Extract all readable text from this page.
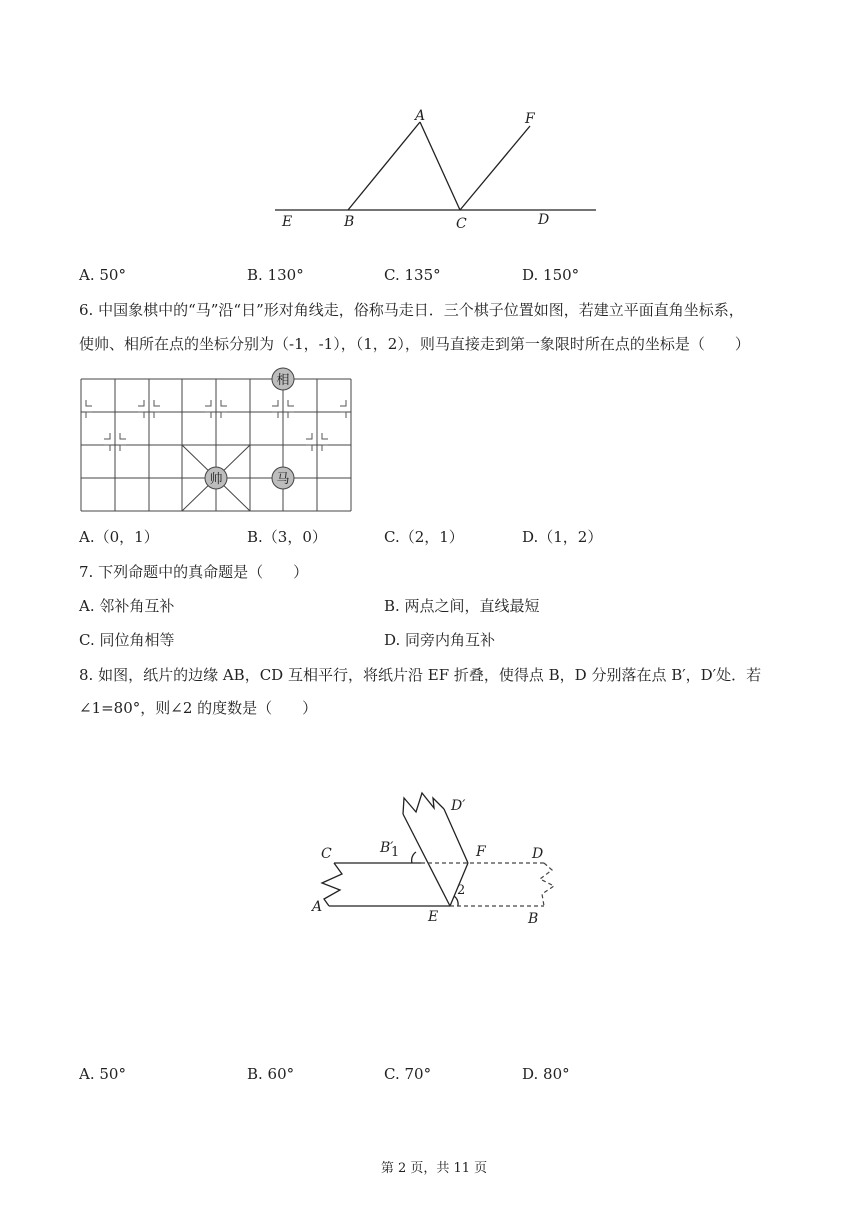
A	F
E	B	C	D
A. 50°	B. 130°	C. 135°	D. 150°
6. 中国象棋中的“马”沿“日”形对角线走，俗称马走日．三个棋子位置如图，若建立平面直角坐标系，
使帅、相所在点的坐标分别为（-1，-1），（1，2），则马直接走到第一象限时所在点的坐标是（　　）
相
帅	马
A.（0，1）	B.（3，0）	C.（2，1）	D.（1，2）
7. 下列命题中的真命题是（　　）
A. 邻补角互补	B. 两点之间，直线最短
C. 同位角相等	D. 同旁内角互补
8. 如图，纸片的边缘 AB，CD 互相平行，将纸片沿 EF 折叠，使得点 B，D 分别落在点 B′，D′处．若
∠1=80°，则∠2 的度数是（　　）
B′
D′
C	1	F	D
2
A
E	B
A. 50°	B. 60°	C. 70°	D. 80°
第 2 页，共 11 页
